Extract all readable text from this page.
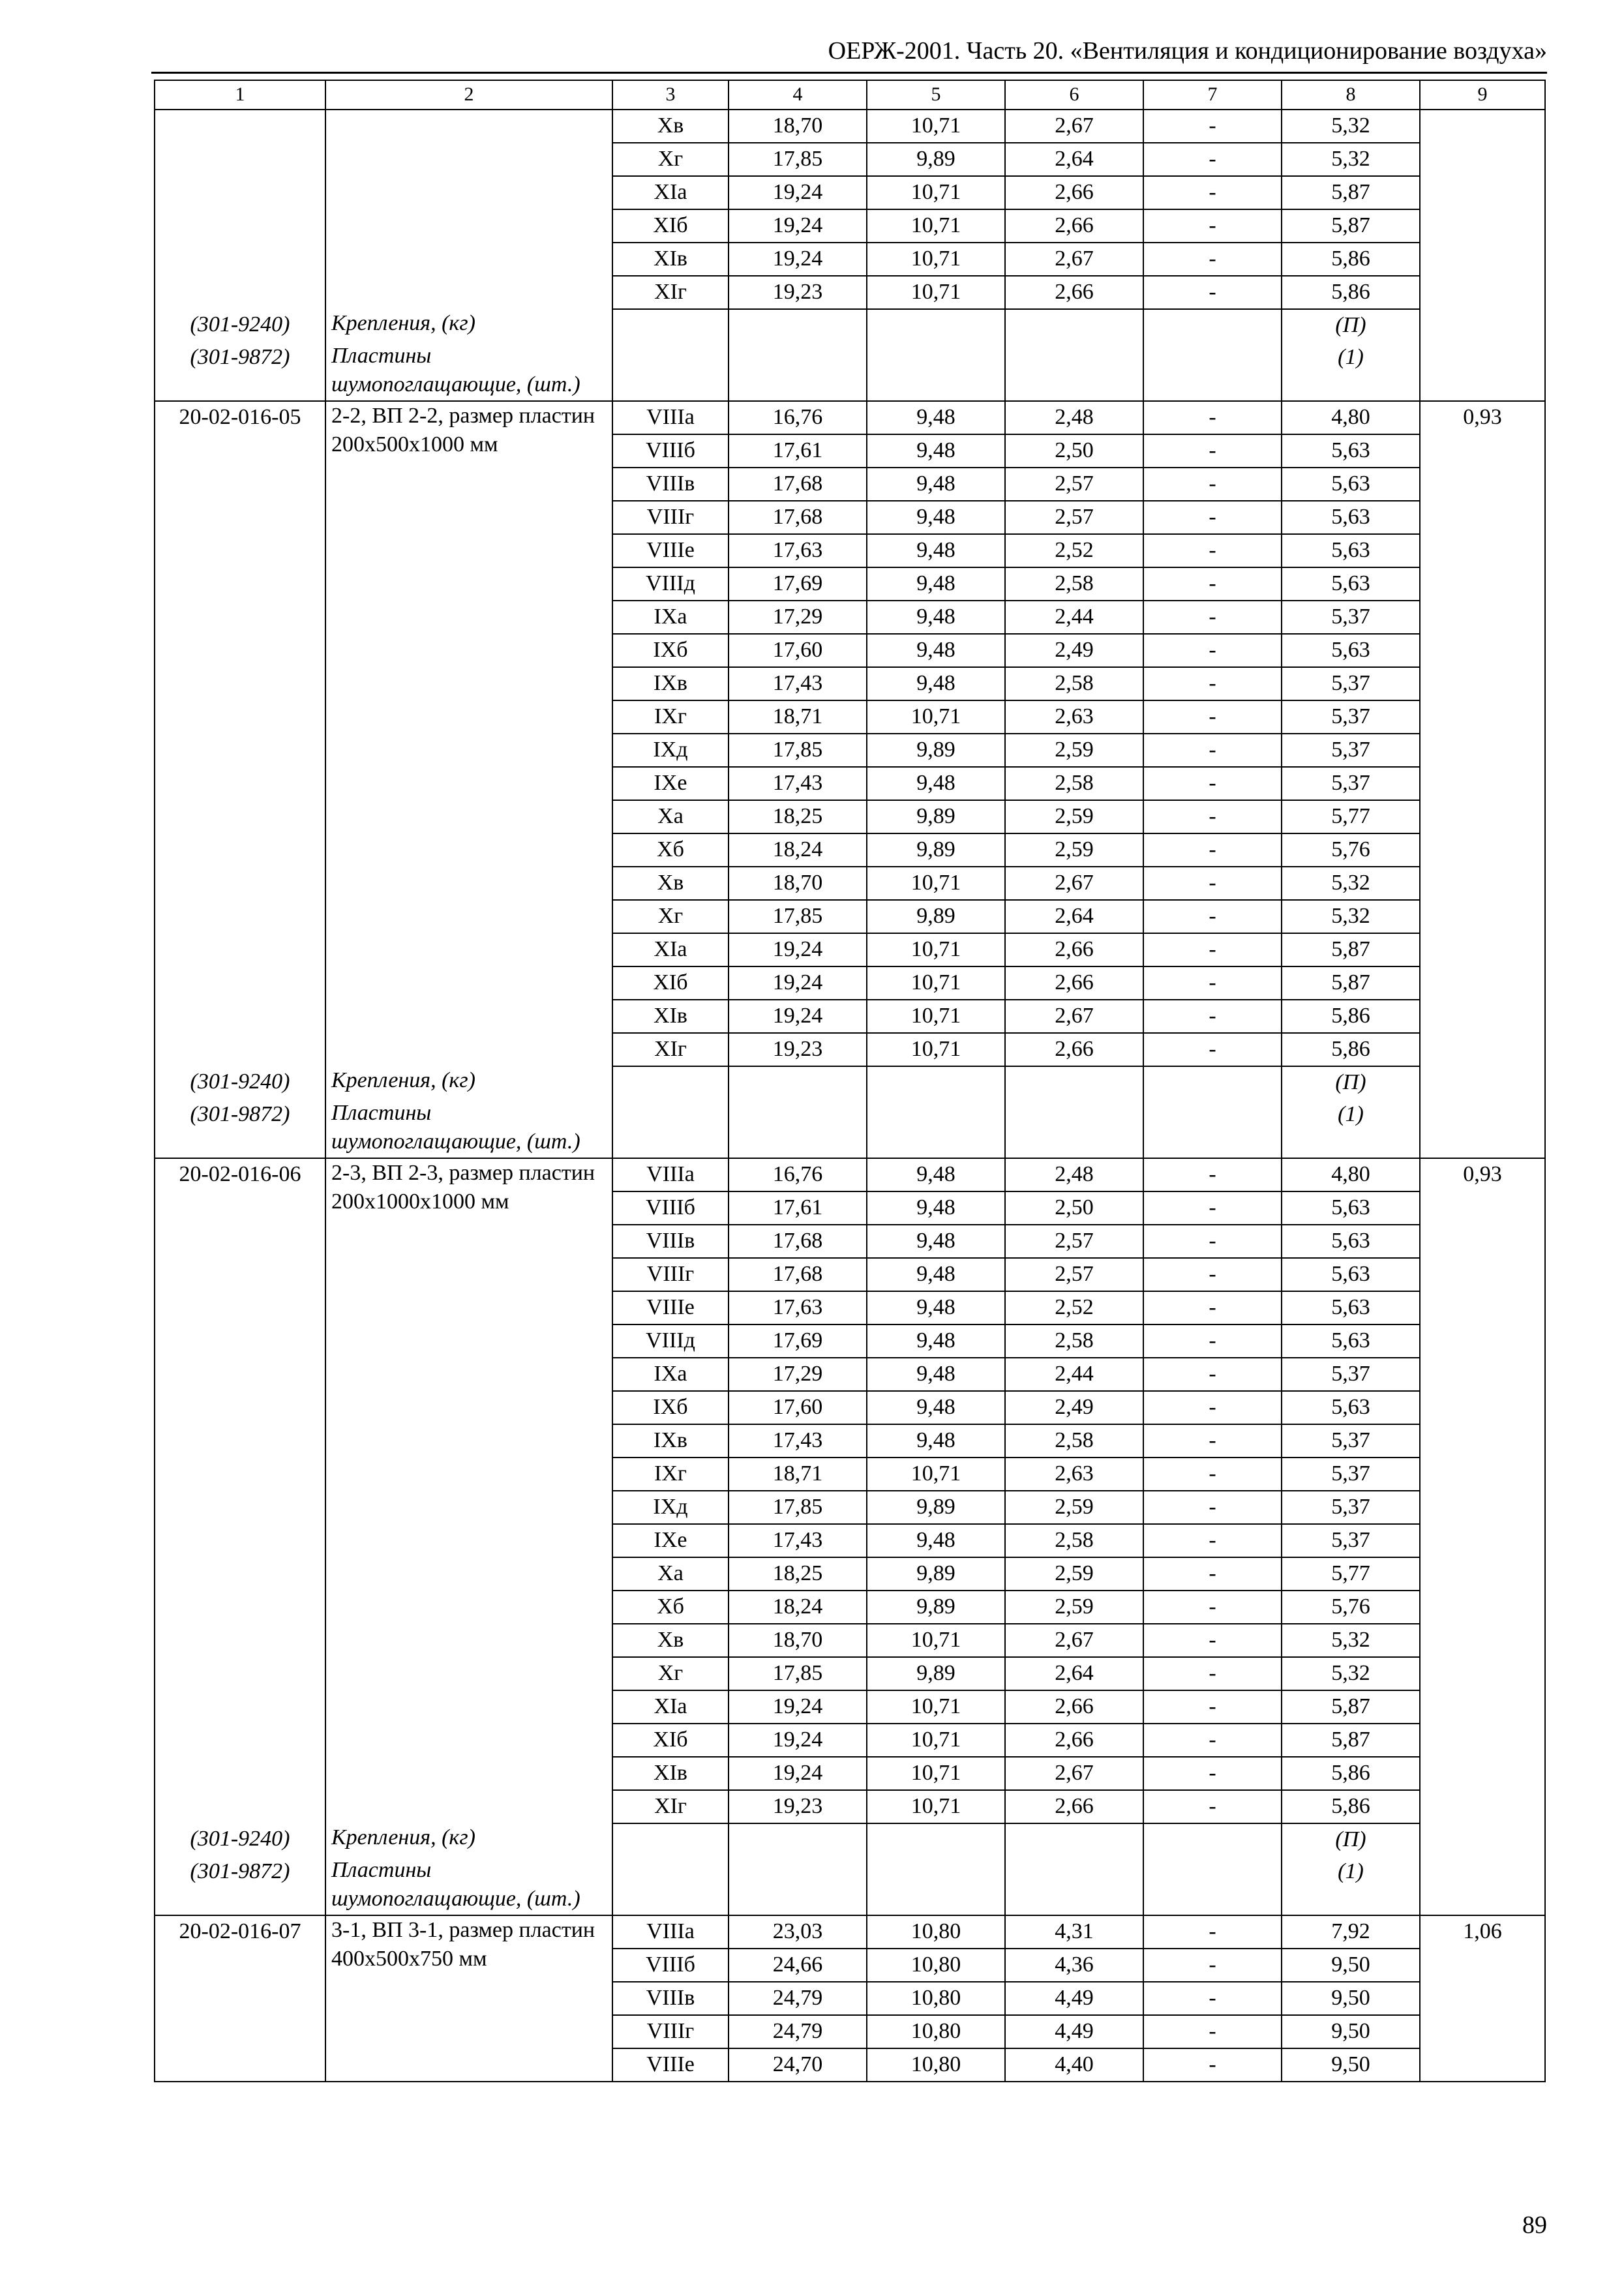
ОЕРЖ-2001. Часть 20. «Вентиляция и кондиционирование воздуха»
1	2	3	4	5	6	7	8	9
		Хв	18,70	10,71	2,67	-	5,32	
		Хг	17,85	9,89	2,64	-	5,32	
		XIа	19,24	10,71	2,66	-	5,87	
		XIб	19,24	10,71	2,66	-	5,87	
		XIв	19,24	10,71	2,67	-	5,86	
		XIг	19,23	10,71	2,66	-	5,86	
(301-9240)	Крепления, (кг)						(П)	
(301-9872)	Пластины шумопоглащающие, (шт.)						(1)	
20-02-016-05	2-2, ВП 2-2, размер пластин 200х500х1000 мм	VIIIа	16,76	9,48	2,48	-	4,80	0,93
		VIIIб	17,61	9,48	2,50	-	5,63	
		VIIIв	17,68	9,48	2,57	-	5,63	
		VIIIг	17,68	9,48	2,57	-	5,63	
		VIIIе	17,63	9,48	2,52	-	5,63	
		VIIIд	17,69	9,48	2,58	-	5,63	
		IXа	17,29	9,48	2,44	-	5,37	
		IXб	17,60	9,48	2,49	-	5,63	
		IXв	17,43	9,48	2,58	-	5,37	
		IXг	18,71	10,71	2,63	-	5,37	
		IXд	17,85	9,89	2,59	-	5,37	
		IXе	17,43	9,48	2,58	-	5,37	
		Ха	18,25	9,89	2,59	-	5,77	
		Хб	18,24	9,89	2,59	-	5,76	
		Хв	18,70	10,71	2,67	-	5,32	
		Хг	17,85	9,89	2,64	-	5,32	
		XIа	19,24	10,71	2,66	-	5,87	
		XIб	19,24	10,71	2,66	-	5,87	
		XIв	19,24	10,71	2,67	-	5,86	
		XIг	19,23	10,71	2,66	-	5,86	
(301-9240)	Крепления, (кг)						(П)	
(301-9872)	Пластины шумопоглащающие, (шт.)						(1)	
20-02-016-06	2-3, ВП 2-3, размер пластин 200х1000х1000 мм	VIIIа	16,76	9,48	2,48	-	4,80	0,93
		VIIIб	17,61	9,48	2,50	-	5,63	
		VIIIв	17,68	9,48	2,57	-	5,63	
		VIIIг	17,68	9,48	2,57	-	5,63	
		VIIIе	17,63	9,48	2,52	-	5,63	
		VIIIд	17,69	9,48	2,58	-	5,63	
		IXа	17,29	9,48	2,44	-	5,37	
		IXб	17,60	9,48	2,49	-	5,63	
		IXв	17,43	9,48	2,58	-	5,37	
		IXг	18,71	10,71	2,63	-	5,37	
		IXд	17,85	9,89	2,59	-	5,37	
		IXе	17,43	9,48	2,58	-	5,37	
		Ха	18,25	9,89	2,59	-	5,77	
		Хб	18,24	9,89	2,59	-	5,76	
		Хв	18,70	10,71	2,67	-	5,32	
		Хг	17,85	9,89	2,64	-	5,32	
		XIа	19,24	10,71	2,66	-	5,87	
		XIб	19,24	10,71	2,66	-	5,87	
		XIв	19,24	10,71	2,67	-	5,86	
		XIг	19,23	10,71	2,66	-	5,86	
(301-9240)	Крепления, (кг)						(П)	
(301-9872)	Пластины шумопоглащающие, (шт.)						(1)	
20-02-016-07	3-1, ВП 3-1, размер пластин 400х500х750 мм	VIIIа	23,03	10,80	4,31	-	7,92	1,06
		VIIIб	24,66	10,80	4,36	-	9,50	
		VIIIв	24,79	10,80	4,49	-	9,50	
		VIIIг	24,79	10,80	4,49	-	9,50	
		VIIIе	24,70	10,80	4,40	-	9,50	
89
